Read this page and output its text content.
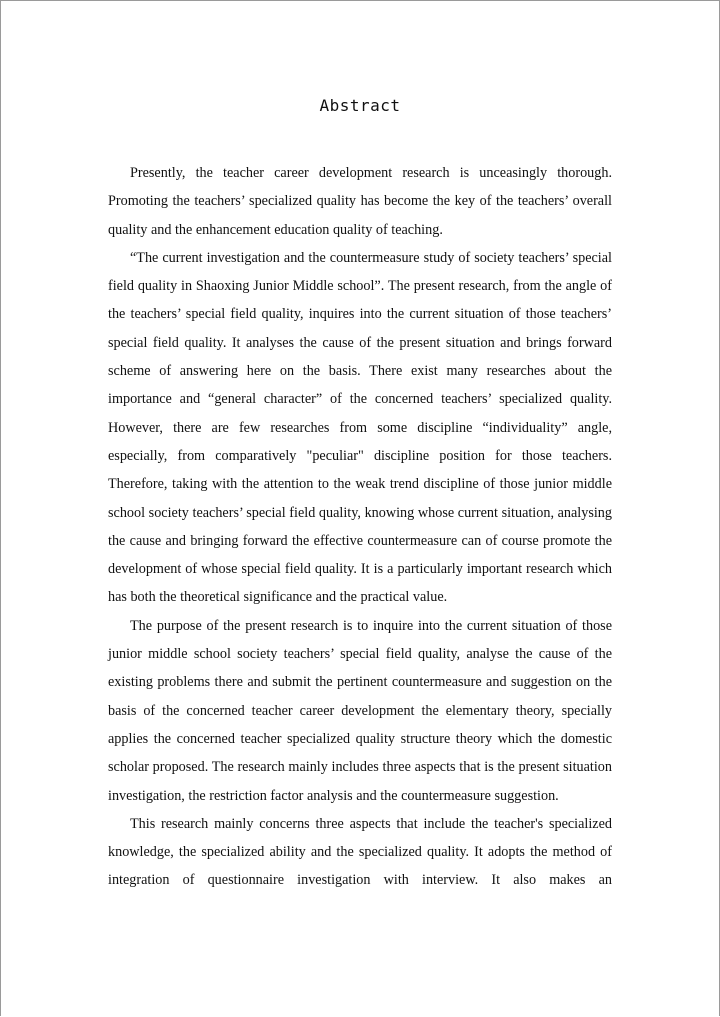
Abstract

Presently, the teacher career development research is unceasingly thorough. Promoting the teachers’ specialized quality has become the key of the teachers’ overall quality and the enhancement education quality of teaching.

“The current investigation and the countermeasure study of society teachers’ special field quality in Shaoxing Junior Middle school”. The present research, from the angle of the teachers’ special field quality, inquires into the current situation of those teachers’ special field quality. It analyses the cause of the present situation and brings forward scheme of answering here on the basis. There exist many researches about the importance and “general character” of the concerned teachers’ specialized quality. However, there are few researches from some discipline “individuality” angle, especially, from comparatively "peculiar" discipline position for those teachers. Therefore, taking with the attention to the weak trend discipline of those junior middle school society teachers’ special field quality, knowing whose current situation, analysing the cause and bringing forward the effective countermeasure can of course promote the development of whose special field quality. It is a particularly important research which has both the theoretical significance and the practical value.

The purpose of the present research is to inquire into the current situation of those junior middle school society teachers’ special field quality, analyse the cause of the existing problems there and submit the pertinent countermeasure and suggestion on the basis of the concerned teacher career development the elementary theory, specially applies the concerned teacher specialized quality structure theory which the domestic scholar proposed. The research mainly includes three aspects that is the present situation investigation, the restriction factor analysis and the countermeasure suggestion.

This research mainly concerns three aspects that include the teacher's specialized knowledge, the specialized ability and the specialized quality. It adopts the method of integration of questionnaire investigation with interview. It also makes an
